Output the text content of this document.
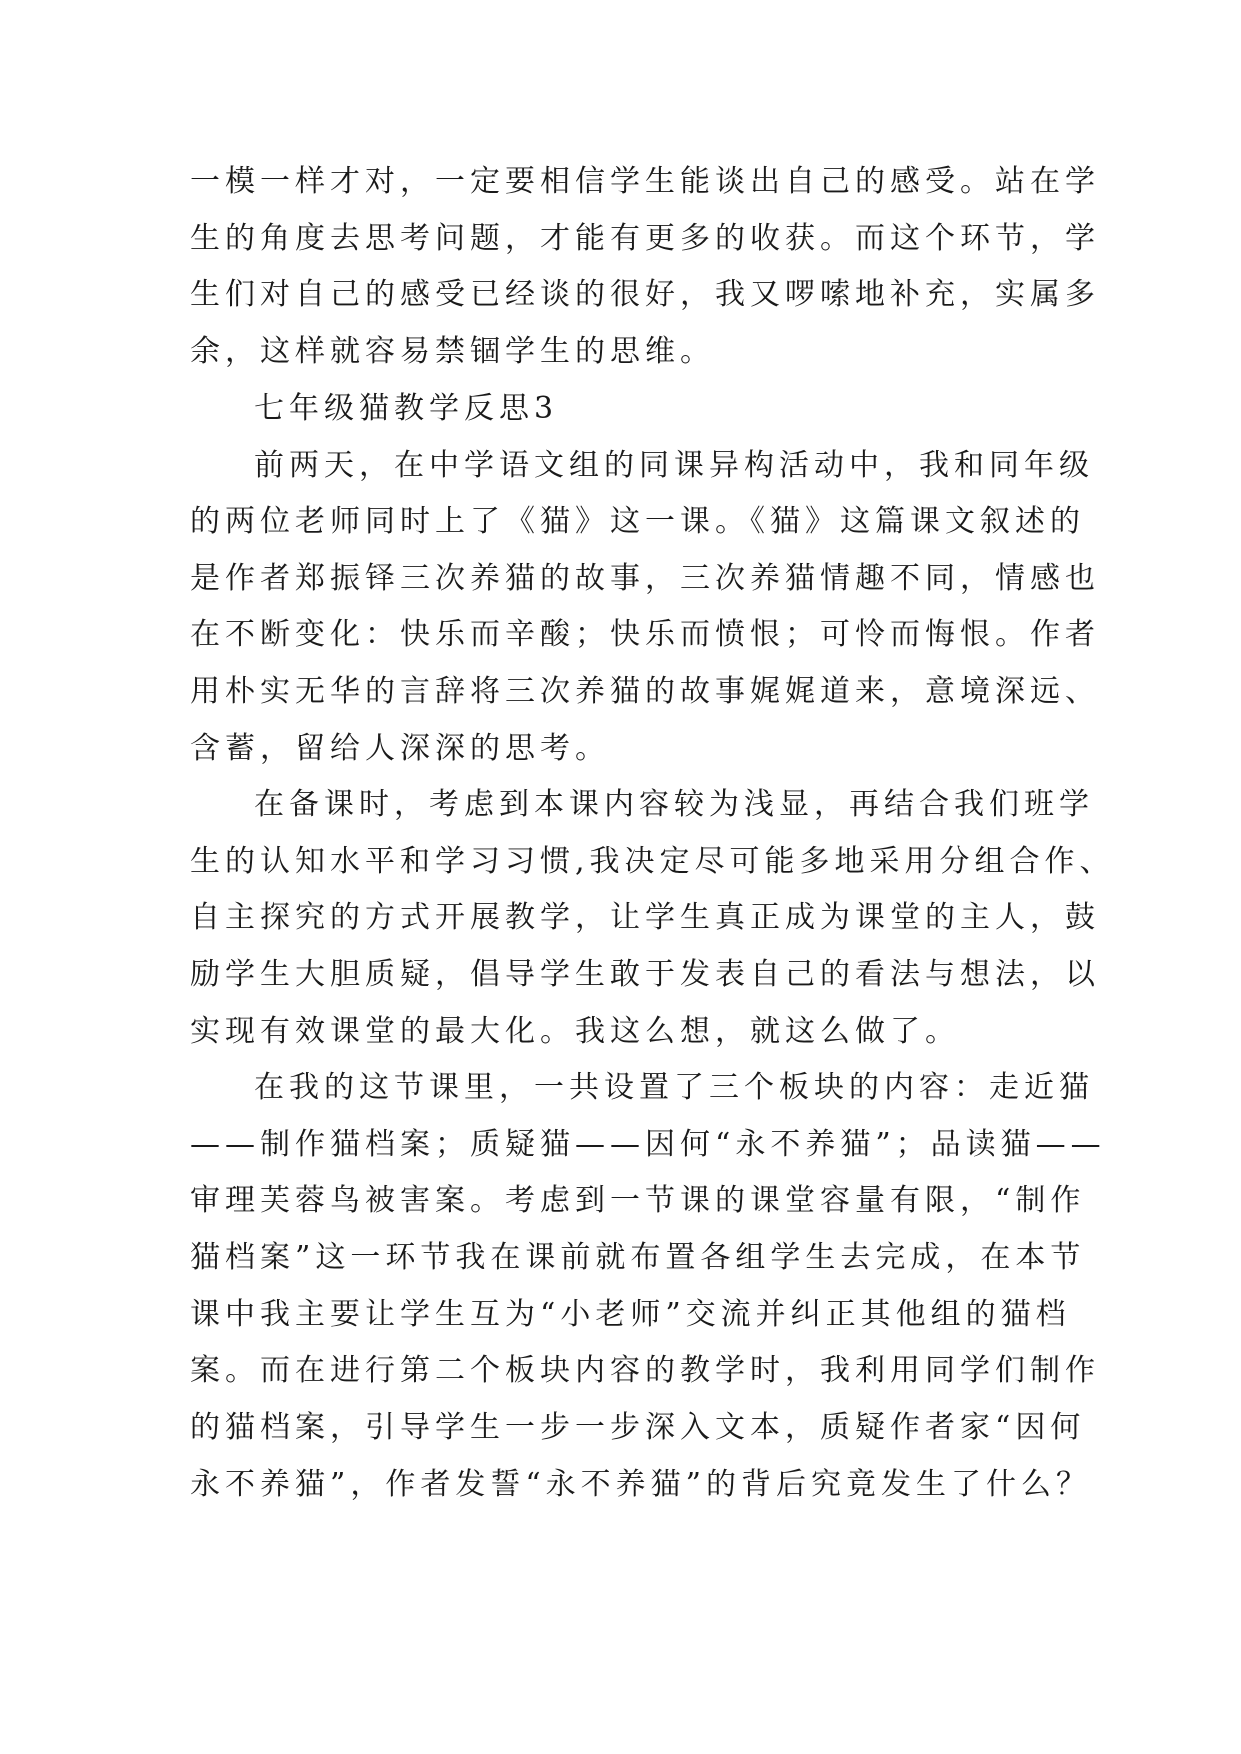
一模一样才对，一定要相信学生能谈出自己的感受。站在学
生的角度去思考问题，才能有更多的收获。而这个环节，学
生们对自己的感受已经谈的很好，我又啰嗦地补充，实属多
余，这样就容易禁锢学生的思维。
七年级猫教学反思3
前两天，在中学语文组的同课异构活动中，我和同年级
的两位老师同时上了《猫》这一课。《猫》这篇课文叙述的
是作者郑振铎三次养猫的故事，三次养猫情趣不同，情感也
在不断变化：快乐而辛酸；快乐而愤恨；可怜而悔恨。作者
用朴实无华的言辞将三次养猫的故事娓娓道来，意境深远、
含蓄，留给人深深的思考。
在备课时，考虑到本课内容较为浅显，再结合我们班学
生的认知水平和学习习惯,我决定尽可能多地采用分组合作、
自主探究的方式开展教学，让学生真正成为课堂的主人，鼓
励学生大胆质疑，倡导学生敢于发表自己的看法与想法，以
实现有效课堂的最大化。我这么想，就这么做了。
在我的这节课里，一共设置了三个板块的内容：走近猫
——制作猫档案；质疑猫——因何“永不养猫”；品读猫——
审理芙蓉鸟被害案。考虑到一节课的课堂容量有限，“制作
猫档案”这一环节我在课前就布置各组学生去完成，在本节
课中我主要让学生互为“小老师”交流并纠正其他组的猫档
案。而在进行第二个板块内容的教学时，我利用同学们制作
的猫档案，引导学生一步一步深入文本，质疑作者家“因何
永不养猫”，作者发誓“永不养猫”的背后究竟发生了什么？
